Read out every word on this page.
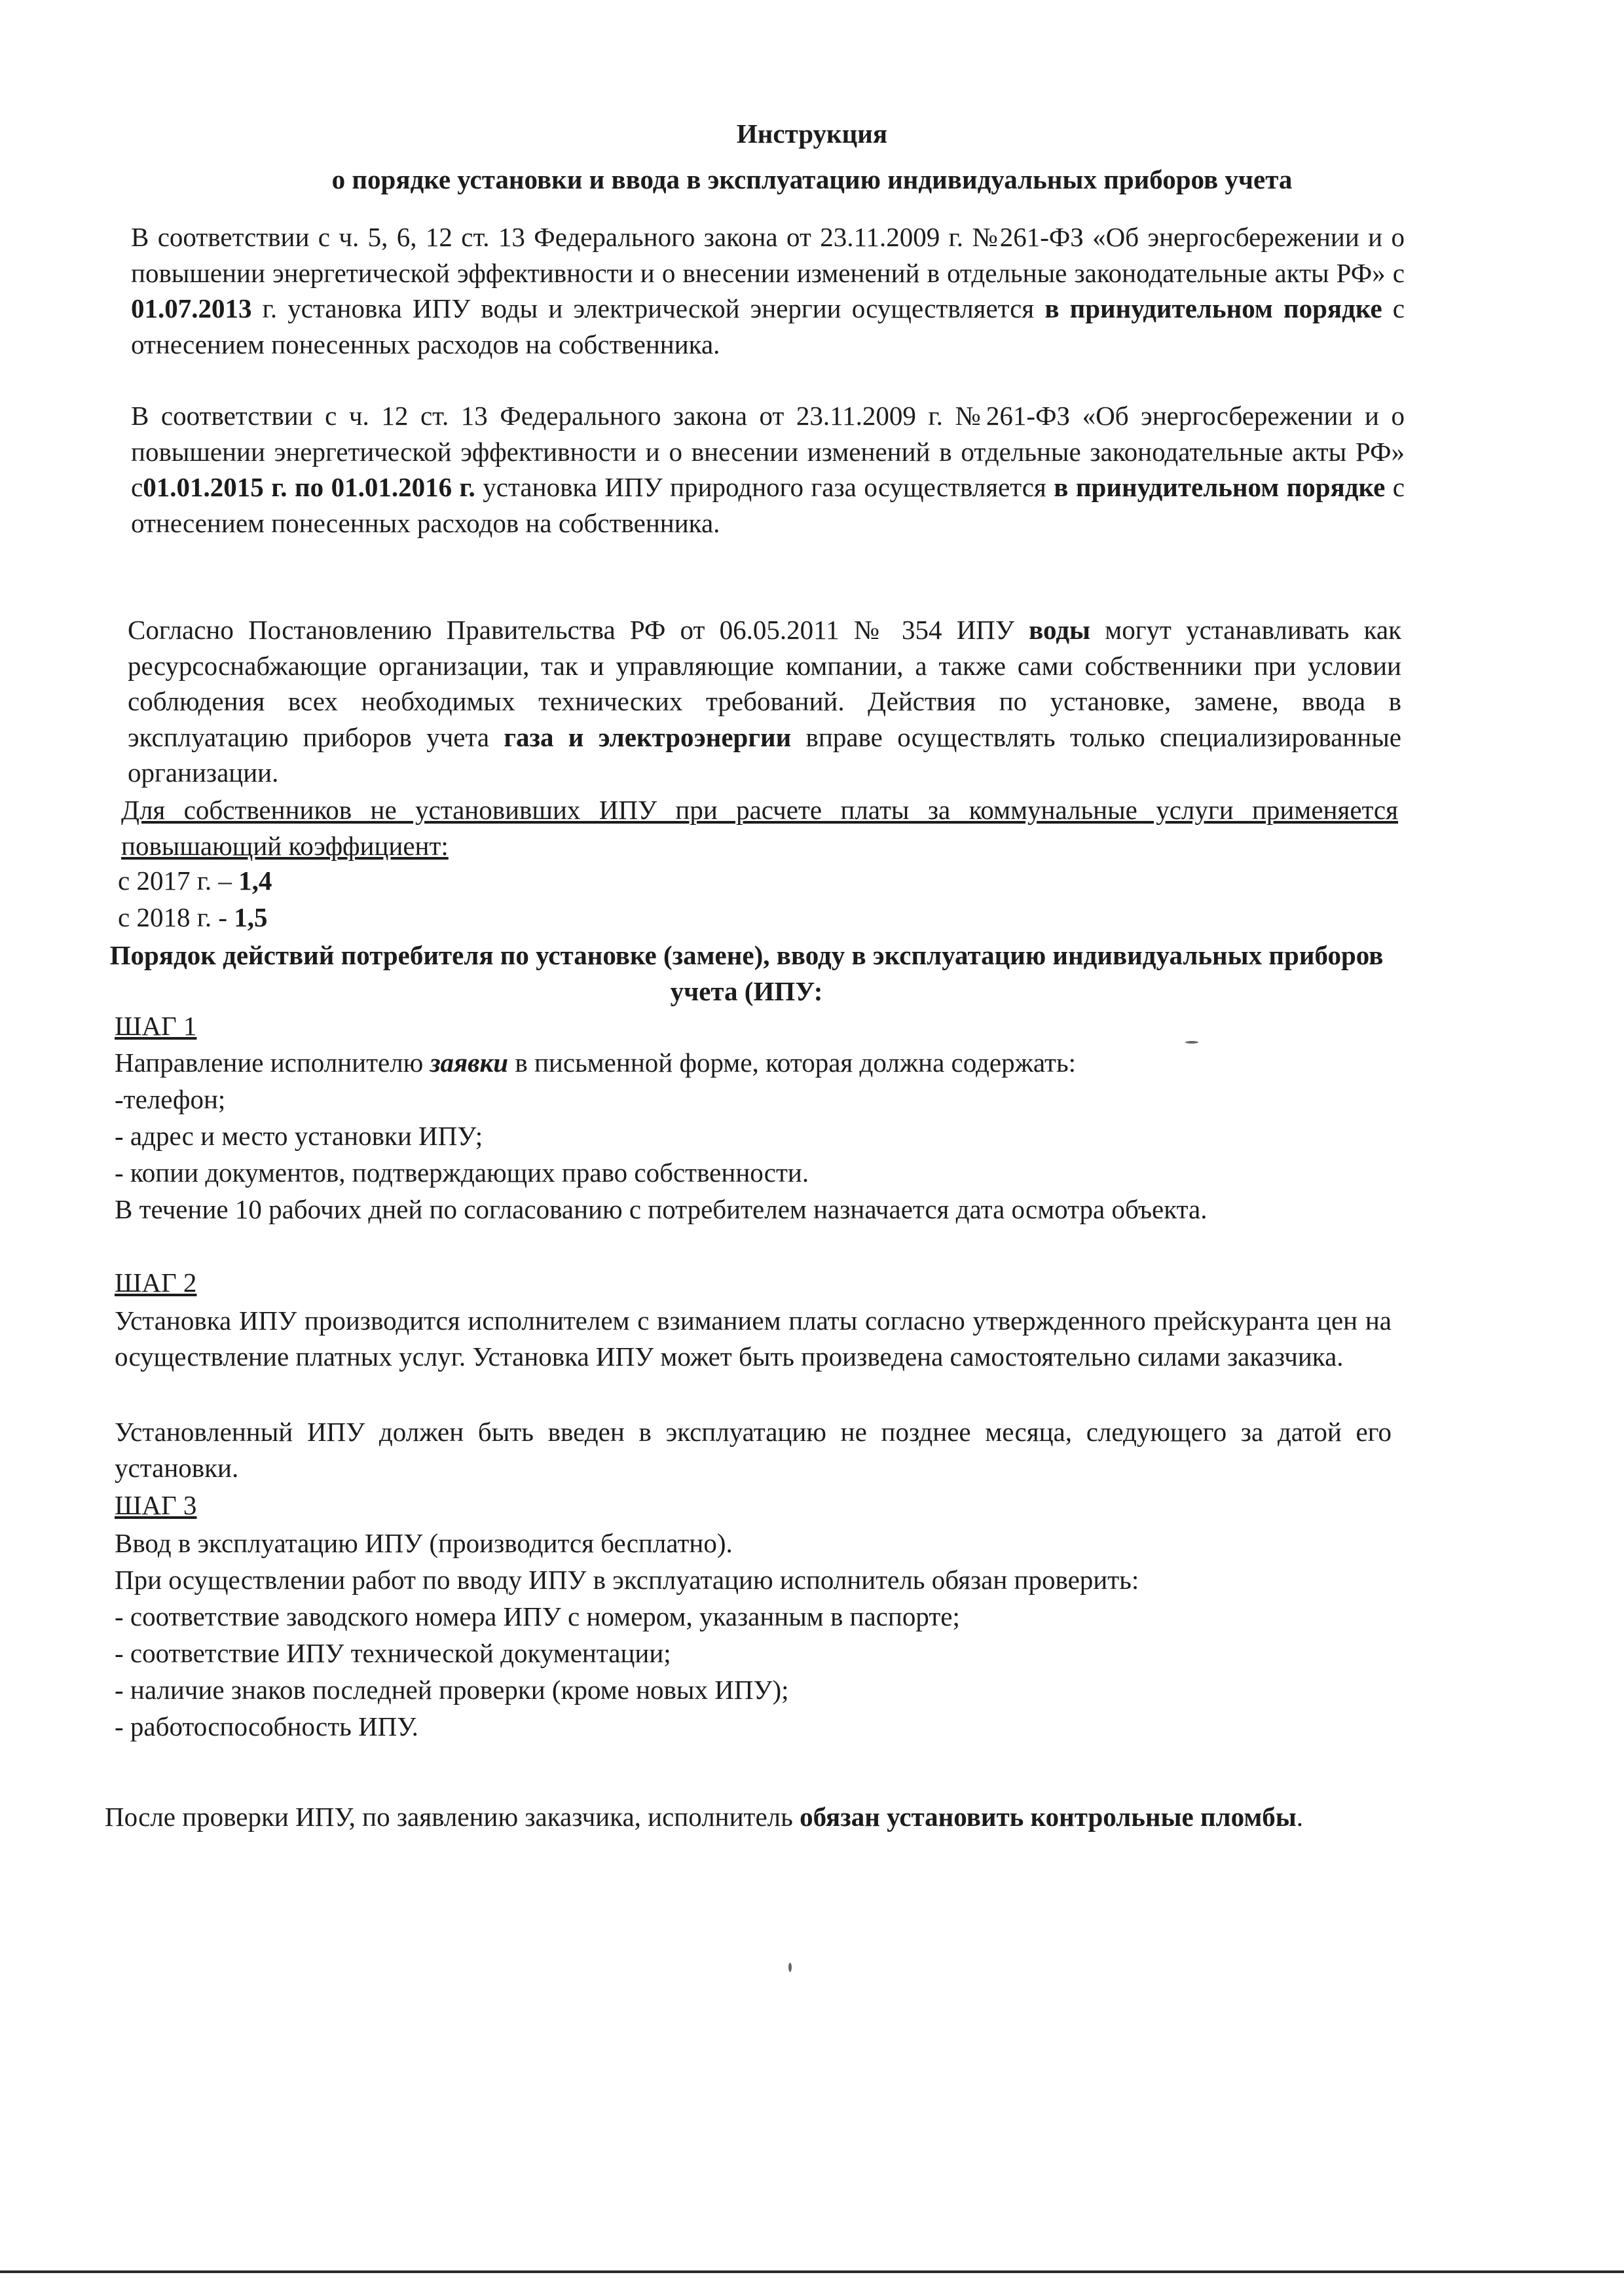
Инструкция
о порядке установки и ввода в эксплуатацию индивидуальных приборов учета
В соответствии с ч. 5, 6, 12 ст. 13 Федерального закона от 23.11.2009 г. №261-ФЗ «Об энергосбережении и о повышении энергетической эффективности и о внесении изменений в отдельные законодательные акты РФ» с 01.07.2013 г. установка ИПУ воды и электрической энергии осуществляется в принудительном порядке с отнесением понесенных расходов на собственника.
В соответствии с ч. 12 ст. 13 Федерального закона от 23.11.2009 г. №261-ФЗ «Об энергосбережении и о повышении энергетической эффективности и о внесении изменений в отдельные законодательные акты РФ» с01.01.2015 г. по 01.01.2016 г. установка ИПУ природного газа осуществляется в принудительном порядке с отнесением понесенных расходов на собственника.
Согласно Постановлению Правительства РФ от 06.05.2011 № 354 ИПУ воды могут устанавливать как ресурсоснабжающие организации, так и управляющие компании, а также сами собственники при условии соблюдения всех необходимых технических требований. Действия по установке, замене, ввода в эксплуатацию приборов учета газа и электроэнергии вправе осуществлять только специализированные организации.
Для собственников не установивших ИПУ при расчете платы за коммунальные услуги применяется повышающий коэффициент:
с 2017 г. – 1,4
с 2018 г. - 1,5
Порядок действий потребителя по установке (замене), вводу в эксплуатацию индивидуальных приборов учета (ИПУ:
ШАГ 1
Направление исполнителю заявки в письменной форме, которая должна содержать:
-телефон;
- адрес и место установки ИПУ;
- копии документов, подтверждающих право собственности.
В течение 10 рабочих дней по согласованию с потребителем назначается дата осмотра объекта.
ШАГ 2
Установка ИПУ производится исполнителем с взиманием платы согласно утвержденного прейскуранта цен на осуществление платных услуг. Установка ИПУ может быть произведена самостоятельно силами заказчика.
Установленный ИПУ должен быть введен в эксплуатацию не позднее месяца, следующего за датой его установки.
ШАГ 3
Ввод в эксплуатацию ИПУ (производится бесплатно).
При осуществлении работ по вводу ИПУ в эксплуатацию исполнитель обязан проверить:
- соответствие заводского номера ИПУ с номером, указанным в паспорте;
- соответствие ИПУ технической документации;
- наличие знаков последней проверки (кроме новых ИПУ);
- работоспособность ИПУ.
После проверки ИПУ, по заявлению заказчика, исполнитель обязан установить контрольные пломбы.
